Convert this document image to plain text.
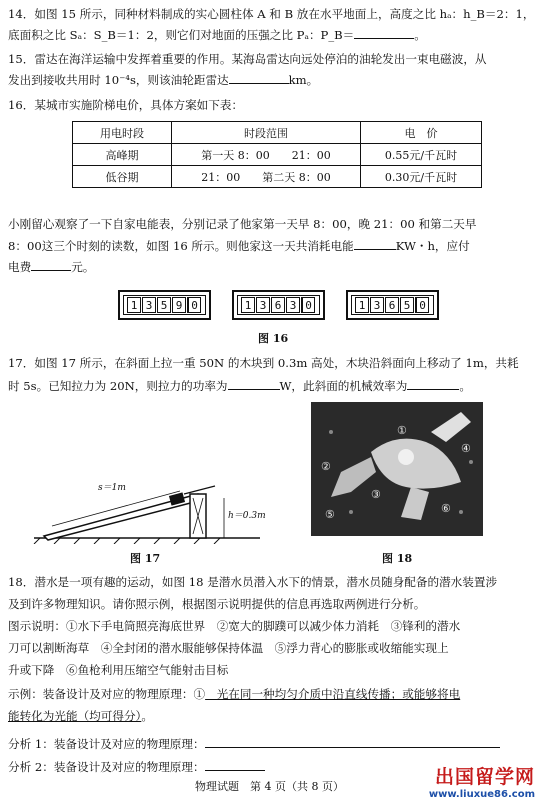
14．如图 15 所示，同种材料制成的实心圆柱体 A 和 B 放在水平地面上，高度之比 hₐ：h_B＝2：1，
底面积之比 Sₐ：S_B＝1：2，则它们对地面的压强之比 Pₐ：P_B＝	。
15．雷达在海洋运输中发挥着重要的作用。某海岛雷达向远处停泊的油轮发出一束电磁波，从
发出到接收共用时 10⁻⁴s，则该油轮距雷达	km。
16．某城市实施阶梯电价，具体方案如下表：
用电时段	时段范围	电　价
高峰期	第一天 8：00　　21：00	0.55元/千瓦时
低谷期	21：00　　第二天 8：00	0.30元/千瓦时
小刚留心观察了一下自家电能表，分别记录了他家第一天早 8：00，晚 21：00 和第二天早
8：00这三个时刻的读数，如图 16 所示。则他家这一天共消耗电能	KW・h，应付
电费	元。
1 3 5 9 0	1 3 6 3 0	1 3 6 5 0
图 16
17．如图 17 所示，在斜面上拉一重 50N 的木块到 0.3m 高处，木块沿斜面向上移动了 1m，共耗
时 5s。已知拉力为 20N，则拉力的功率为	W，此斜面的机械效率为	。
s＝1m
h＝0.3m
图 17
①
②
③
④
⑤	⑥
图 18
18．潜水是一项有趣的运动，如图 18 是潜水员潜入水下的情景，潜水员随身配备的潜水装置涉
及到许多物理知识。请你照示例，根据图示说明提供的信息再选取两例进行分析。
图示说明：①水下手电筒照亮海底世界　②宽大的脚蹼可以减少体力消耗　③锋利的潜水
刀可以割断海草　④全封闭的潜水服能够保持体温　⑤浮力背心的膨胀或收缩能实现上
升或下降　⑥鱼枪利用压缩空气能射击目标
示例：装备设计及对应的物理原理：①　光在同一种均匀介质中沿直线传播；或能够将电
能转化为光能（均可得分）。
分析 1：装备设计及对应的物理原理：
分析 2：装备设计及对应的物理原理：
物理试题　第 4 页（共 8 页）	出国留学网
www.liuxue86.com
